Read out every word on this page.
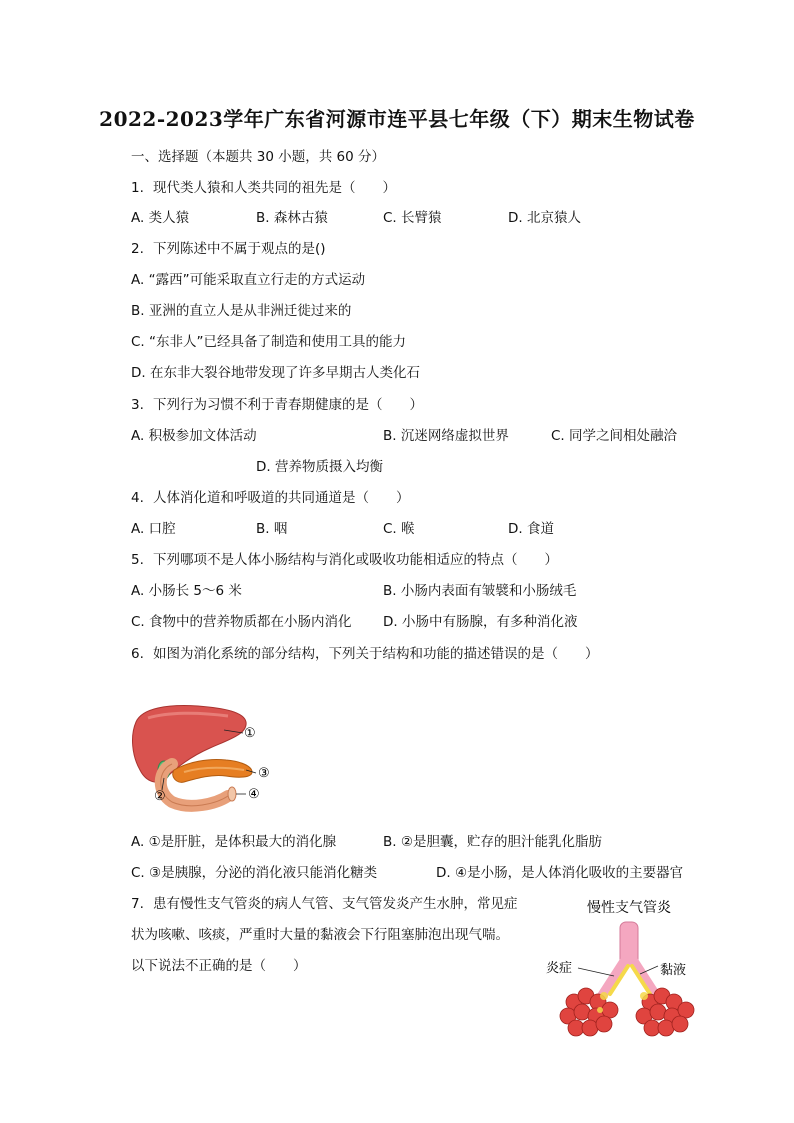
2022-2023学年广东省河源市连平县七年级（下）期末生物试卷
一、选择题（本题共 30 小题，共 60 分）
1. 现代类人猿和人类共同的祖先是（　　）
A. 类人猿	B. 森林古猿	C. 长臂猿	D. 北京猿人
2. 下列陈述中不属于观点的是()
A. “露西”可能采取直立行走的方式运动
B. 亚洲的直立人是从非洲迁徙过来的
C. “东非人”已经具备了制造和使用工具的能力
D. 在东非大裂谷地带发现了许多早期古人类化石
3. 下列行为习惯不利于青春期健康的是（　　）
A. 积极参加文体活动	B. 沉迷网络虚拟世界	C. 同学之间相处融洽
D. 营养物质摄入均衡
4. 人体消化道和呼吸道的共同通道是（　　）
A. 口腔	B. 咽	C. 喉	D. 食道
5. 下列哪项不是人体小肠结构与消化或吸收功能相适应的特点（　　）
A. 小肠长 5～6 米	B. 小肠内表面有皱襞和小肠绒毛
C. 食物中的营养物质都在小肠内消化 D. 小肠中有肠腺，有多种消化液
6. 如图为消化系统的部分结构，下列关于结构和功能的描述错误的是（　　）
①
②
③
④
A. ①是肝脏，是体积最大的消化腺	B. ②是胆囊，贮存的胆汁能乳化脂肪
C. ③是胰腺，分泌的消化液只能消化糖类	D. ④是小肠，是人体消化吸收的主要器官
7. 患有慢性支气管炎的病人气管、支气管发炎产生水肿，常见症
状为咳嗽、咳痰，严重时大量的黏液会下行阻塞肺泡出现气喘。
以下说法不正确的是（　　）
慢性支气管炎
炎症	黏液
